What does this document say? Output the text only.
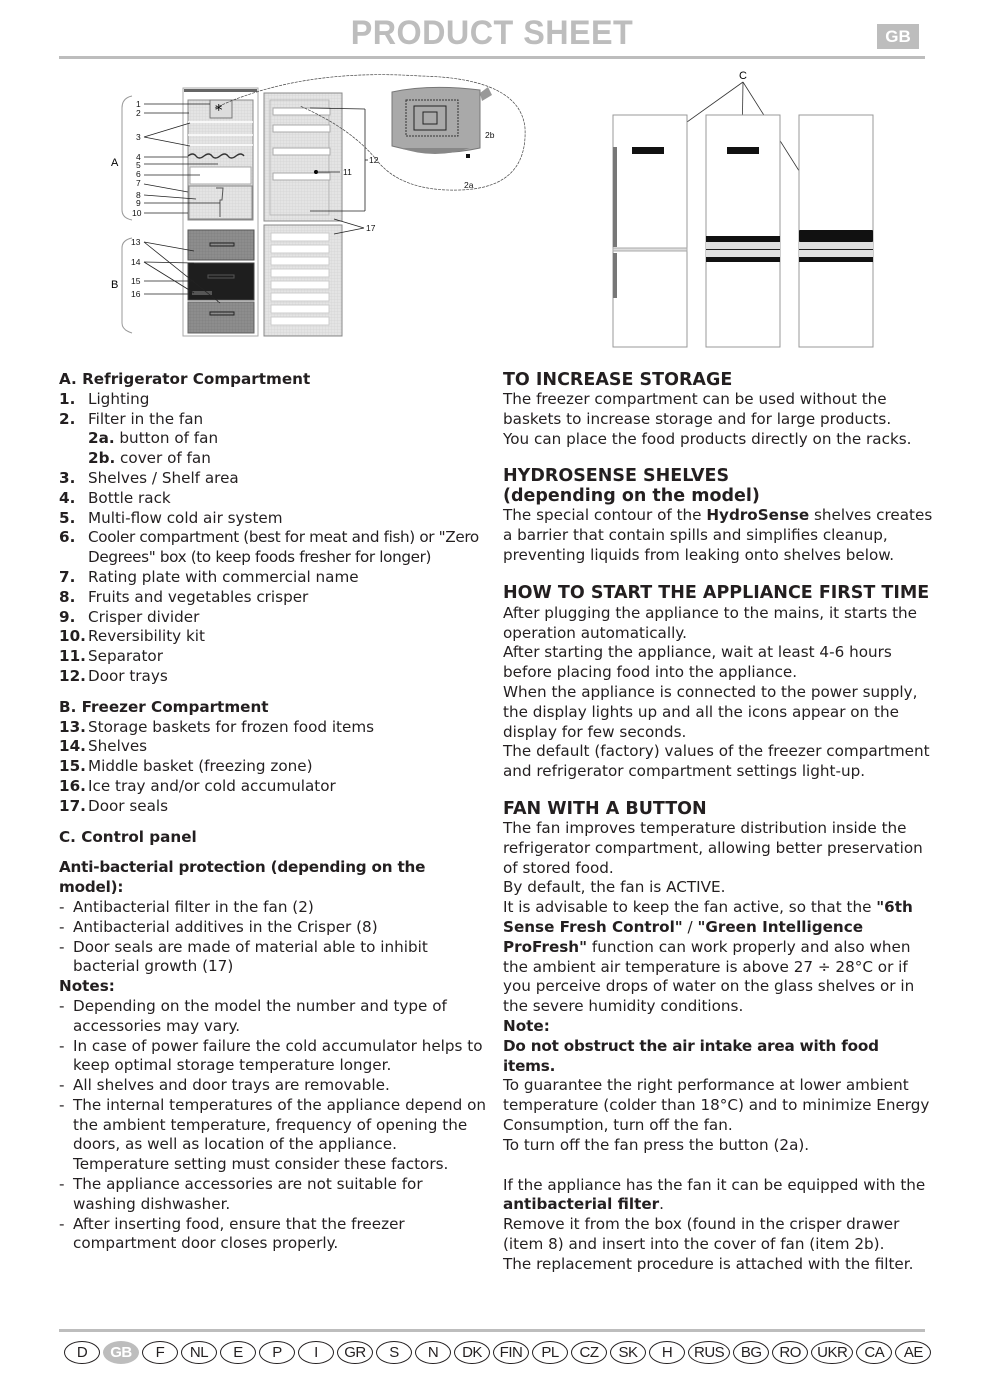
PRODUCT SHEET	GB
A
B
*
1
2
3
4
5
6
7
8
9
10
11
12
13
14
15
16
17
2a
2b
C
A. Refrigerator Compartment
1. Lighting
2. Filter in the fan
2a. button of fan
2b. cover of fan
3. Shelves / Shelf area
4. Bottle rack
5. Multi-flow cold air system
6. Cooler compartment (best for meat and fish) or "Zero Degrees" box (to keep foods fresher for longer)
7. Rating plate with commercial name
8. Fruits and vegetables crisper
9. Crisper divider
10. Reversibility kit
11. Separator
12. Door trays
B. Freezer Compartment
13. Storage baskets for frozen food items
14. Shelves
15. Middle basket (freezing zone)
16. Ice tray and/or cold accumulator
17. Door seals
C. Control panel
Anti-bacterial protection (depending on the model):
- Antibacterial filter in the fan (2)
- Antibacterial additives in the Crisper (8)
- Door seals are made of material able to inhibit bacterial growth (17)
Notes:
- Depending on the model the number and type of accessories may vary.
- In case of power failure the cold accumulator helps to keep optimal storage temperature longer.
- All shelves and door trays are removable.
- The internal temperatures of the appliance depend on the ambient temperature, frequency of opening the doors, as well as location of the appliance. Temperature setting must consider these factors.
- The appliance accessories are not suitable for washing dishwasher.
- After inserting food, ensure that the freezer compartment door closes properly.
TO INCREASE STORAGE
The freezer compartment can be used without the baskets to increase storage and for large products.
You can place the food products directly on the racks.
HYDROSENSE SHELVES
(depending on the model)
The special contour of the HydroSense shelves creates a barrier that contain spills and simplifies cleanup, preventing liquids from leaking onto shelves below.
HOW TO START THE APPLIANCE FIRST TIME
After plugging the appliance to the mains, it starts the operation automatically.
After starting the appliance, wait at least 4-6 hours before placing food into the appliance.
When the appliance is connected to the power supply, the display lights up and all the icons appear on the display for few seconds.
The default (factory) values of the freezer compartment and refrigerator compartment settings light-up.
FAN WITH A BUTTON
The fan improves temperature distribution inside the refrigerator compartment, allowing better preservation of stored food.
By default, the fan is ACTIVE.
It is advisable to keep the fan active, so that the "6th Sense Fresh Control" / "Green Intelligence ProFresh" function can work properly and also when the ambient air temperature is above 27 ÷ 28°C or if you perceive drops of water on the glass shelves or in the severe humidity conditions.
Note:
Do not obstruct the air intake area with food items.
To guarantee the right performance at lower ambient temperature (colder than 18°C) and to minimize Energy Consumption, turn off the fan.
To turn off the fan press the button (2a).
If the appliance has the fan it can be equipped with the antibacterial filter.
Remove it from the box (found in the crisper drawer (item 8) and insert into the cover of fan (item 2b).
The replacement procedure is attached with the filter.
D	GB	F	NL	E	P	I	GR	S	N	DK	FIN	PL	CZ	SK	H	RUS	BG	RO	UKR	CA	AE
